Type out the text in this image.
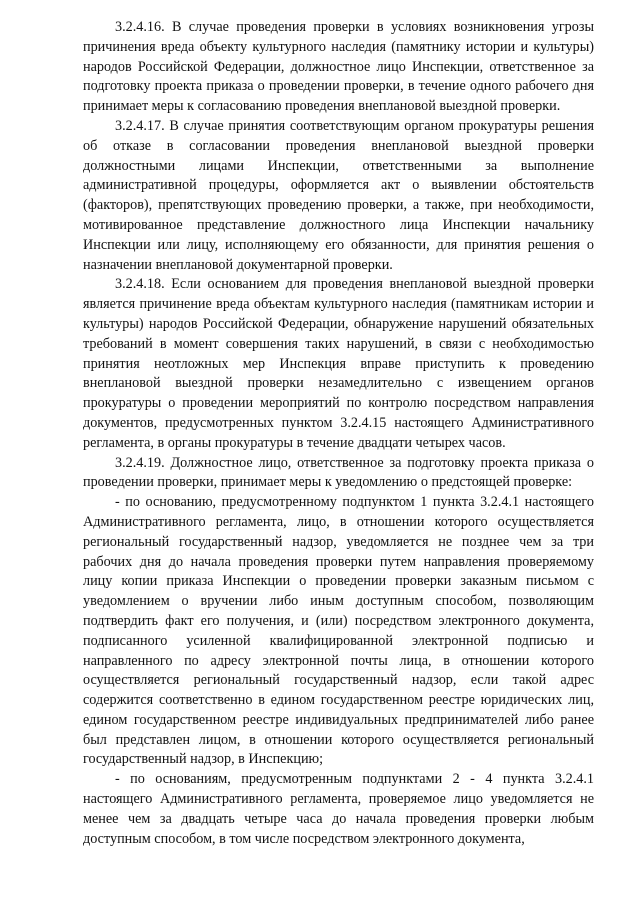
3.2.4.16. В случае проведения проверки в условиях возникновения угрозы причинения вреда объекту культурного наследия (памятнику истории и культуры) народов Российской Федерации, должностное лицо Инспекции, ответственное за подготовку проекта приказа о проведении проверки, в течение одного рабочего дня принимает меры к согласованию проведения внеплановой выездной проверки.

3.2.4.17. В случае принятия соответствующим органом прокуратуры решения об отказе в согласовании проведения внеплановой выездной проверки должностными лицами Инспекции, ответственными за выполнение административной процедуры, оформляется акт о выявлении обстоятельств (факторов), препятствующих проведению проверки, а также, при необходимости, мотивированное представление должностного лица Инспекции начальнику Инспекции или лицу, исполняющему его обязанности, для принятия решения о назначении внеплановой документарной проверки.

3.2.4.18. Если основанием для проведения внеплановой выездной проверки является причинение вреда объектам культурного наследия (памятникам истории и культуры) народов Российской Федерации, обнаружение нарушений обязательных требований в момент совершения таких нарушений, в связи с необходимостью принятия неотложных мер Инспекция вправе приступить к проведению внеплановой выездной проверки незамедлительно с извещением органов прокуратуры о проведении мероприятий по контролю посредством направления документов, предусмотренных пунктом 3.2.4.15 настоящего Административного регламента, в органы прокуратуры в течение двадцати четырех часов.

3.2.4.19. Должностное лицо, ответственное за подготовку проекта приказа о проведении проверки, принимает меры к уведомлению о предстоящей проверке:

- по основанию, предусмотренному подпунктом 1 пункта 3.2.4.1 настоящего Административного регламента, лицо, в отношении которого осуществляется региональный государственный надзор, уведомляется не позднее чем за три рабочих дня до начала проведения проверки путем направления проверяемому лицу копии приказа Инспекции о проведении проверки заказным письмом с уведомлением о вручении либо иным доступным способом, позволяющим подтвердить факт его получения, и (или) посредством электронного документа, подписанного усиленной квалифицированной электронной подписью и направленного по адресу электронной почты лица, в отношении которого осуществляется региональный государственный надзор, если такой адрес содержится соответственно в едином государственном реестре юридических лиц, едином государственном реестре индивидуальных предпринимателей либо ранее был представлен лицом, в отношении которого осуществляется региональный государственный надзор, в Инспекцию;

- по основаниям, предусмотренным подпунктами 2 - 4 пункта 3.2.4.1 настоящего Административного регламента, проверяемое лицо уведомляется не менее чем за двадцать четыре часа до начала проведения проверки любым доступным способом, в том числе посредством электронного документа,
